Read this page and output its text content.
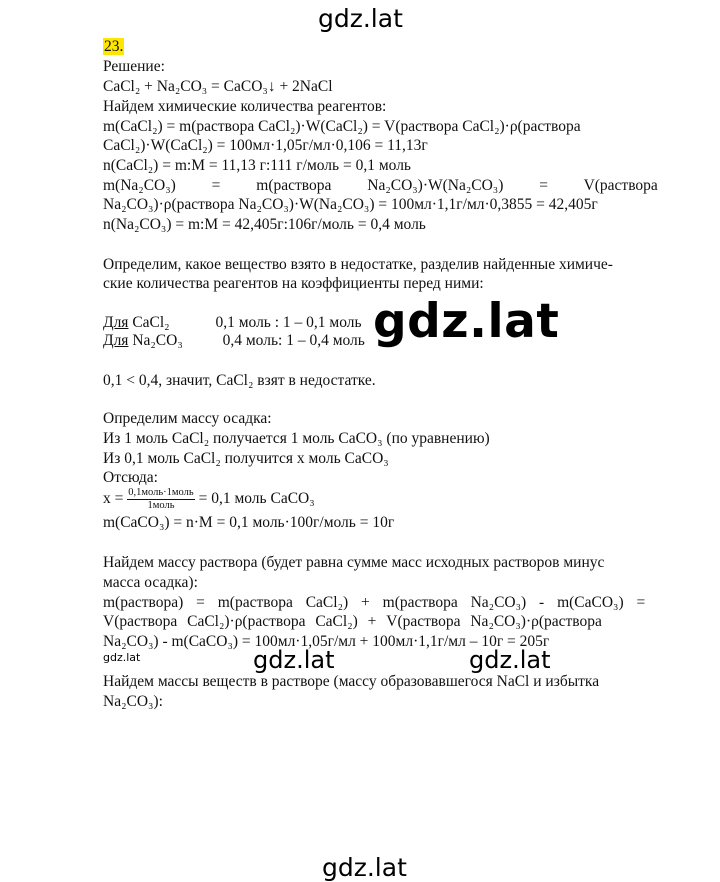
gdz.lat
gdz.lat
gdz.lat	gdz.lat	gdz.lat
gdz.lat
23.
Решение:
CaCl₂ + Na₂CO₃ = CaCO₃↓ + 2NaCl
Найдем химические количества реагентов:
m(CaCl₂) = m(раствора CaCl₂)·W(CaCl₂) = V(раствора CaCl₂)·ρ(раствора
CaCl₂)·W(CaCl₂) = 100мл·1,05г/мл·0,106 = 11,13г
n(CaCl₂) = m:M = 11,13 г:111 г/моль = 0,1 моль
m(Na₂CO₃) = m(раствора Na₂CO₃)·W(Na₂CO₃) = V(раствора
Na₂CO₃)·ρ(раствора Na₂CO₃)·W(Na₂CO₃) = 100мл·1,1г/мл·0,3855 = 42,405г
n(Na₂CO₃) = m:M = 42,405г:106г/моль = 0,4 моль
Определим, какое вещество взято в недостатке, разделив найденные химиче-
ские количества реагентов на коэффициенты перед ними:
Для CaCl₂	0,1 моль : 1 – 0,1 моль
Для Na₂CO₃	0,4 моль: 1 – 0,4 моль
0,1 < 0,4, значит, CaCl₂ взят в недостатке.
Определим массу осадка:
Из 1 моль CaCl₂ получается 1 моль CaCO₃ (по уравнению)
Из 0,1 моль CaCl₂ получится х моль CaCO₃
Отсюда:
$х = \frac{\text{0,1моль·1моль}}{\text{1моль}} = 0,1$ моль CaCO₃
m(CaCO₃) = n·M = 0,1 моль·100г/моль = 10г
Найдем массу раствора (будет равна сумме масс исходных растворов минус
масса осадка):
m(раствора) = m(раствора CaCl₂) + m(раствора Na₂CO₃) - m(CaCO₃) =
V(раствора CaCl₂)·ρ(раствора CaCl₂) + V(раствора Na₂CO₃)·ρ(раствора
Na₂CO₃) - m(CaCO₃) = 100мл·1,05г/мл + 100мл·1,1г/мл – 10г = 205г
Найдем массы веществ в растворе (массу образовавшегося NaCl и избытка
Na₂CO₃):
